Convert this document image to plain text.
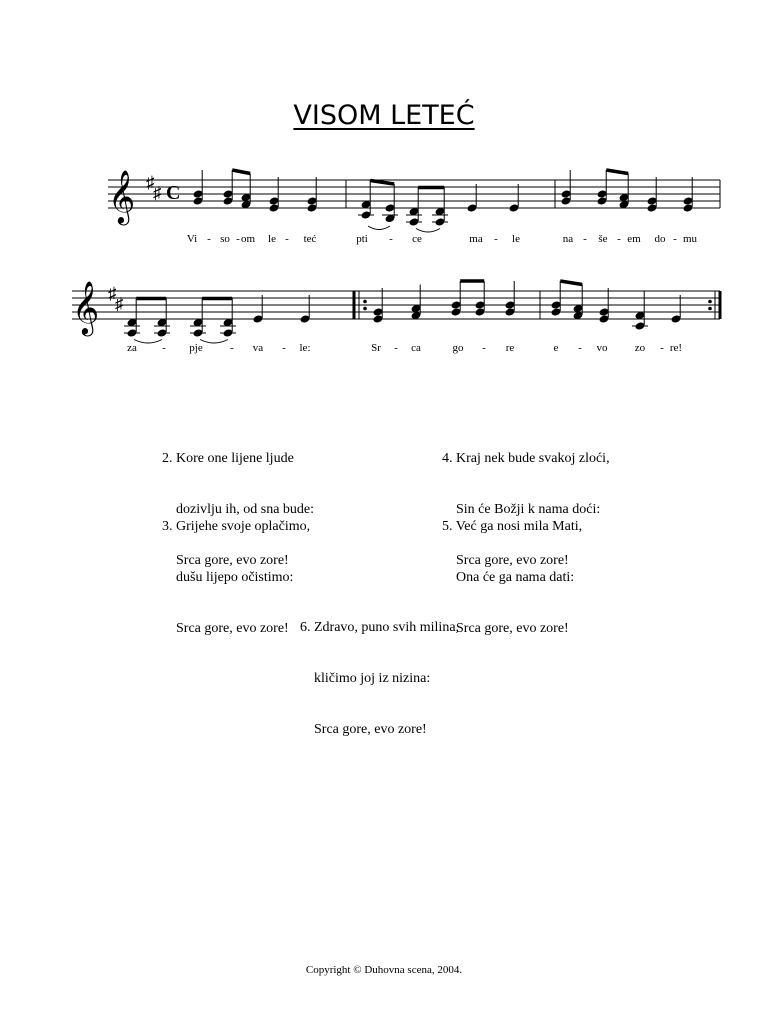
VISOM LETEĆ
𝄞 ♯
♯ C
𝄞 ♯
♯
Vi - so - om le - teć	pti - ce	ma - le	na - še - em do - mu
za - pje - va - le:	Sr - ca	go - re	e - vo zo - re!

2. Kore one lijene ljude

dozivlju ih, od sna bude:

Srca gore, evo zore!

3. Grijehe svoje oplačimo,

dušu lijepo očistimo:

Srca gore, evo zore!

4. Kraj nek bude svakoj zloći,

Sin će Božji k nama doći:

Srca gore, evo zore!

5. Već ga nosi mila Mati,

Ona će ga nama dati:

Srca gore, evo zore!

6. Zdravo, puno svih milina,

kličimo joj iz nizina:

Srca gore, evo zore!

Copyright © Duhovna scena, 2004.
